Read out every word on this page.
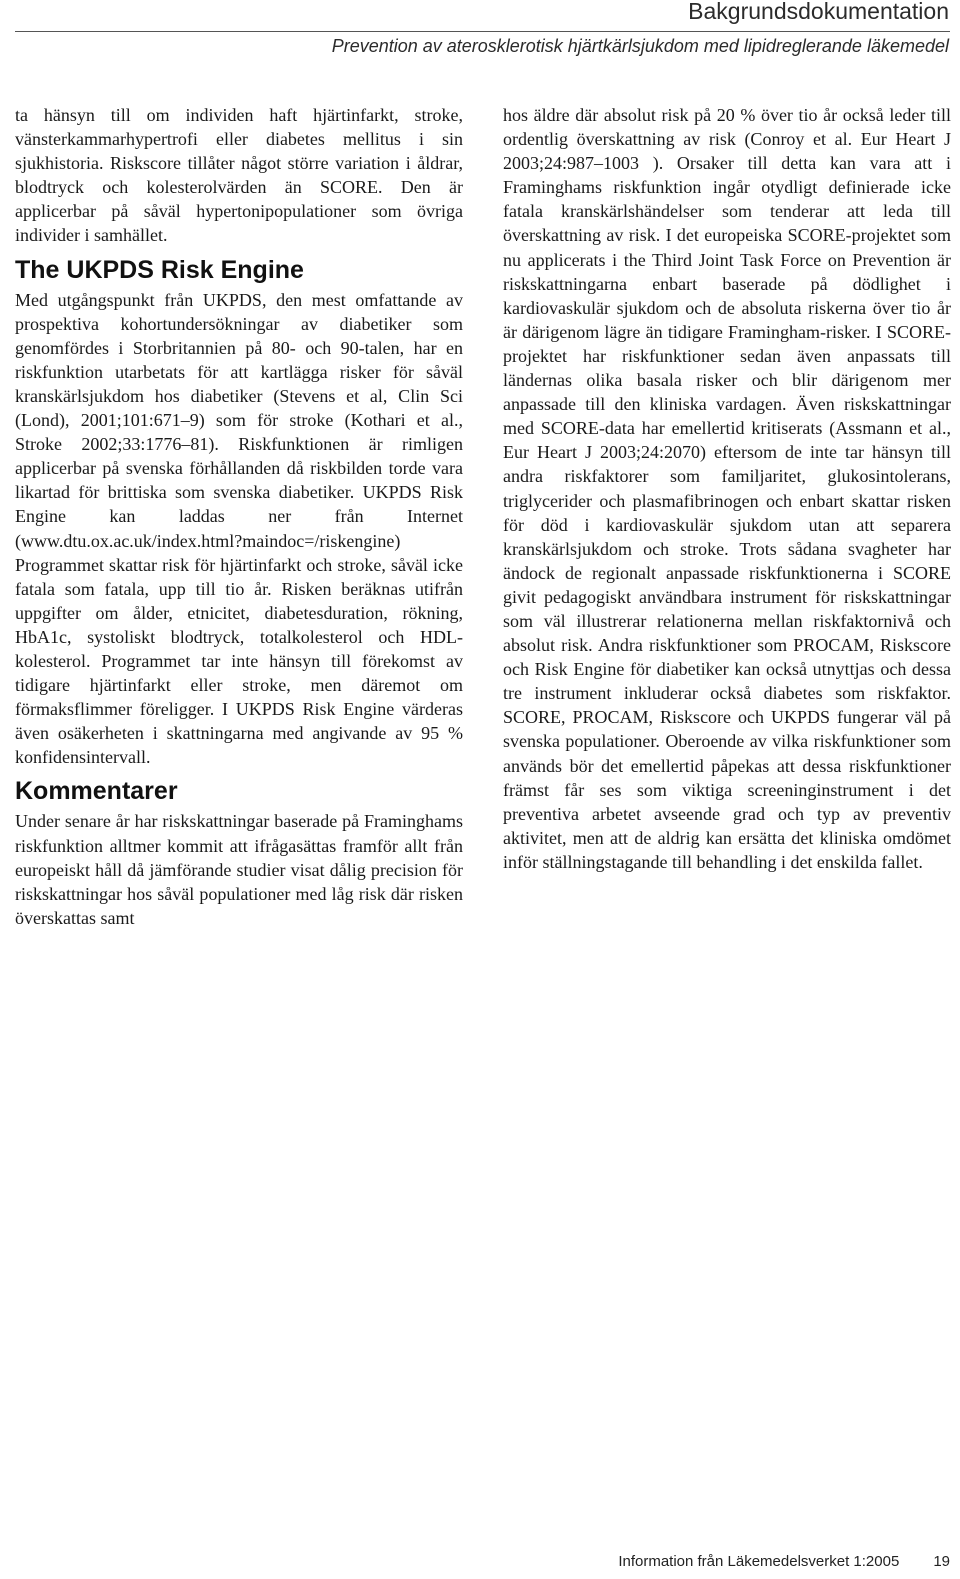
Bakgrundsdokumentation
Prevention av aterosklerotisk hjärtkärlsjukdom med lipidreglerande läkemedel

ta hänsyn till om individen haft hjärtinfarkt, stroke, vänsterkammarhypertrofi eller diabetes mellitus i sin sjukhistoria. Riskscore tillåter något större variation i åldrar, blodtryck och kolesterolvärden än SCORE. Den är applicerbar på såväl hypertonipopulationer som övriga individer i samhället.

The UKPDS Risk Engine

Med utgångspunkt från UKPDS, den mest omfattande av prospektiva kohortundersökningar av diabetiker som genomfördes i Storbritannien på 80- och 90-talen, har en riskfunktion utarbetats för att kartlägga risker för såväl kranskärlsjukdom hos diabetiker (Stevens et al, Clin Sci (Lond), 2001;101:671–9) som för stroke (Kothari et al., Stroke 2002;33:1776–81). Riskfunktionen är rimligen applicerbar på svenska förhållanden då riskbilden torde vara likartad för brittiska som svenska diabetiker. UKPDS Risk Engine kan laddas ner från Internet (www.dtu.ox.ac.uk/index.html?maindoc=/riskengine) Programmet skattar risk för hjärtinfarkt och stroke, såväl icke fatala som fatala, upp till tio år. Risken beräknas utifrån uppgifter om ålder, etnicitet, diabetesduration, rökning, HbA1c, systoliskt blodtryck, totalkolesterol och HDL-kolesterol. Programmet tar inte hänsyn till förekomst av tidigare hjärtinfarkt eller stroke, men däremot om förmaksflimmer föreligger. I UKPDS Risk Engine värderas även osäkerheten i skattningarna med angivande av 95 % konfidensintervall.

Kommentarer

Under senare år har riskskattningar baserade på Framinghams riskfunktion alltmer kommit att ifrågasättas framför allt från europeiskt håll då jämförande studier visat dålig precision för riskskattningar hos såväl populationer med låg risk där risken överskattas samt

hos äldre där absolut risk på 20 % över tio år också leder till ordentlig överskattning av risk (Conroy et al. Eur Heart J 2003;24:987–1003 ). Orsaker till detta kan vara att i Framinghams riskfunktion ingår otydligt definierade icke fatala kranskärlshändelser som tenderar att leda till överskattning av risk. I det europeiska SCORE-projektet som nu applicerats i the Third Joint Task Force on Prevention är riskskattningarna enbart baserade på dödlighet i kardiovaskulär sjukdom och de absoluta riskerna över tio år är därigenom lägre än tidigare Framingham-risker. I SCORE-projektet har riskfunktioner sedan även anpassats till ländernas olika basala risker och blir därigenom mer anpassade till den kliniska vardagen. Även riskskattningar med SCORE-data har emellertid kritiserats (Assmann et al., Eur Heart J 2003;24:2070) eftersom de inte tar hänsyn till andra riskfaktorer som familjaritet, glukosintolerans, triglycerider och plasmafibrinogen och enbart skattar risken för död i kardiovaskulär sjukdom utan att separera kranskärlsjukdom och stroke. Trots sådana svagheter har ändock de regionalt anpassade riskfunktionerna i SCORE givit pedagogiskt användbara instrument för riskskattningar som väl illustrerar relationerna mellan riskfaktornivå och absolut risk. Andra riskfunktioner som PROCAM, Riskscore och Risk Engine för diabetiker kan också utnyttjas och dessa tre instrument inkluderar också diabetes som riskfaktor. SCORE, PROCAM, Riskscore och UKPDS fungerar väl på svenska populationer. Oberoende av vilka riskfunktioner som används bör det emellertid påpekas att dessa riskfunktioner främst får ses som viktiga screeninginstrument i det preventiva arbetet avseende grad och typ av preventiv aktivitet, men att de aldrig kan ersätta det kliniska omdömet inför ställningstagande till behandling i det enskilda fallet.

Information från Läkemedelsverket 1:2005 19
